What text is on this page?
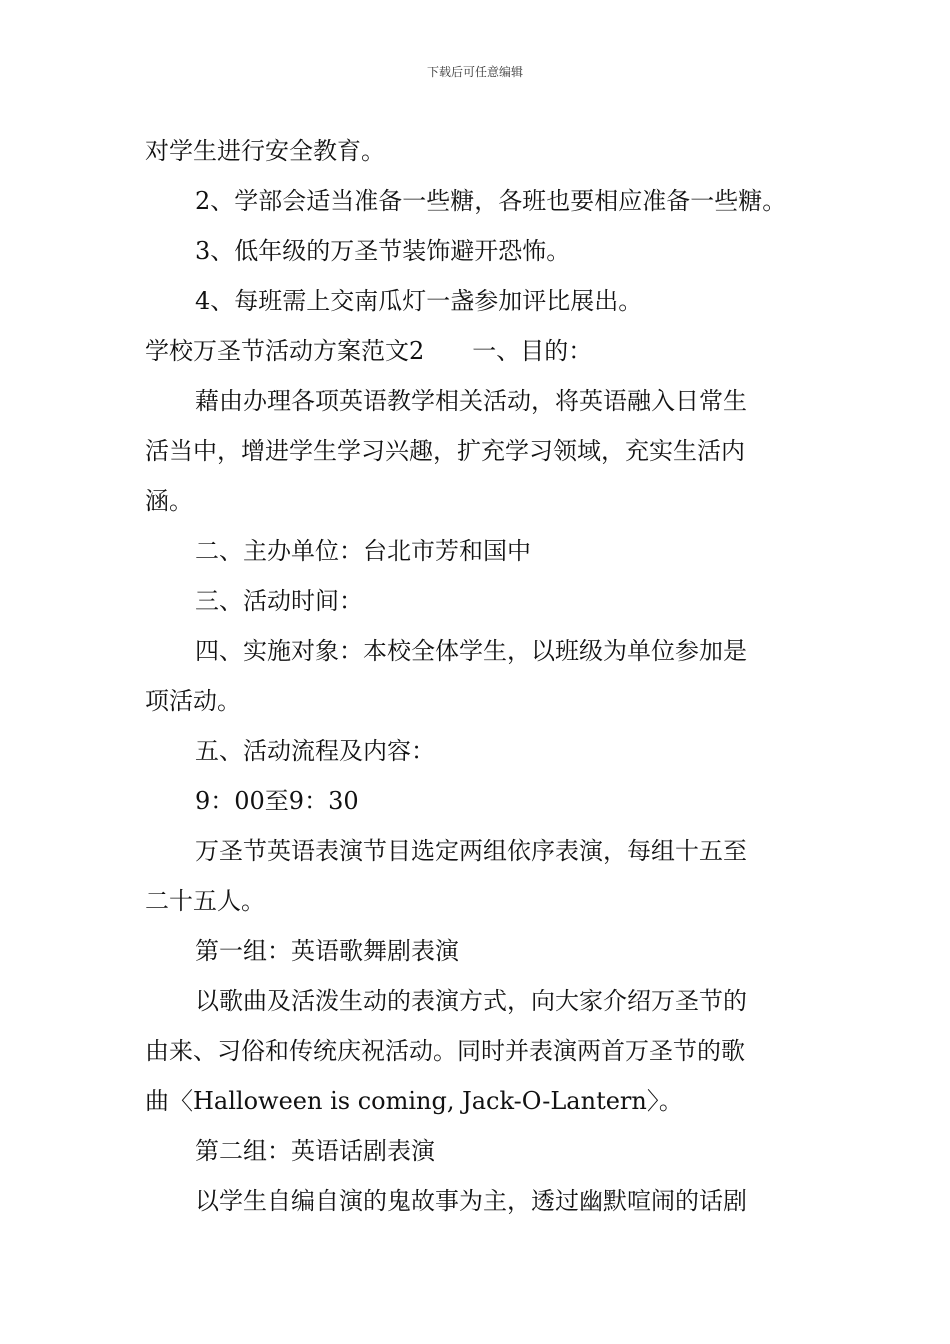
下载后可任意编辑
对学生进行安全教育。
2、学部会适当准备一些糖，各班也要相应准备一些糖。
3、低年级的万圣节装饰避开恐怖。
4、每班需上交南瓜灯一盏参加评比展出。
学校万圣节活动方案范文2 一、目的：
藉由办理各项英语教学相关活动，将英语融入日常生
活当中，增进学生学习兴趣，扩充学习领域，充实生活内
涵。
二、主办单位：台北市芳和国中
三、活动时间：
四、实施对象：本校全体学生，以班级为单位参加是
项活动。
五、活动流程及内容：
9：00至9：30
万圣节英语表演节目选定两组依序表演，每组十五至
二十五人。
第一组：英语歌舞剧表演
以歌曲及活泼生动的表演方式，向大家介绍万圣节的
由来、习俗和传统庆祝活动。同时并表演两首万圣节的歌
曲〈Halloween is coming, Jack-O-Lantern〉。
第二组：英语话剧表演
以学生自编自演的鬼故事为主，透过幽默喧闹的话剧
